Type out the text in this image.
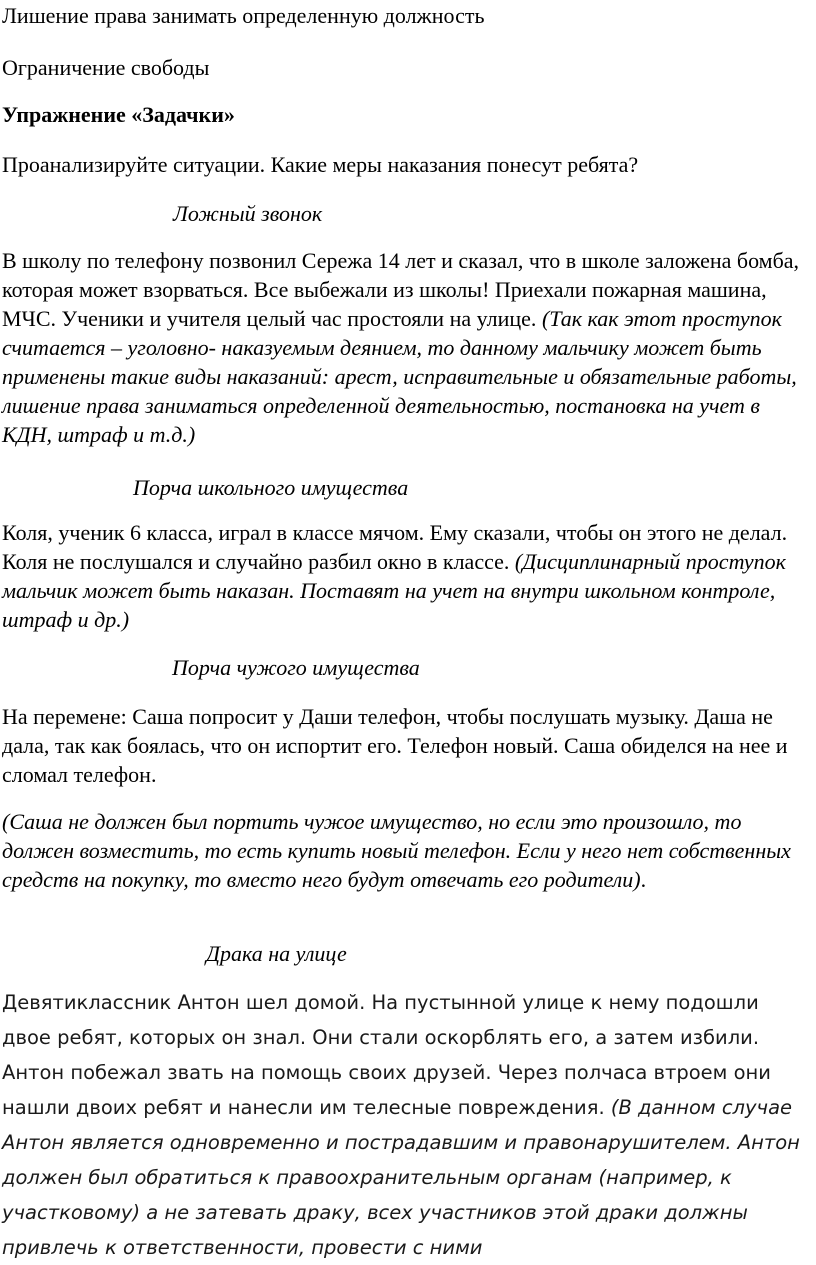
Лишение права занимать определенную должность
Ограничение свободы
Упражнение «Задачки»
Проанализируйте ситуации. Какие меры наказания понесут ребята?
Ложный звонок
В школу по телефону позвонил Сережа 14 лет и сказал, что в школе заложена бомба, которая может взорваться. Все выбежали из школы! Приехали пожарная машина, МЧС. Ученики и учителя целый час простояли на улице. (Так как этот проступок считается – уголовно- наказуемым деянием, то данному мальчику может быть применены такие виды наказаний: арест, исправительные и обязательные работы, лишение права заниматься определенной деятельностью, постановка на учет в КДН, штраф и т.д.)
Порча школьного имущества
Коля, ученик 6 класса, играл в классе мячом. Ему сказали, чтобы он этого не делал. Коля не послушался и случайно разбил окно в классе. (Дисциплинарный проступок мальчик может быть наказан. Поставят на учет на внутри школьном контроле, штраф и др.)
Порча чужого имущества
На перемене: Саша попросит у Даши телефон, чтобы послушать музыку. Даша не дала, так как боялась, что он испортит его. Телефон новый. Саша обиделся на нее и сломал телефон.
(Саша не должен был портить чужое имущество, но если это произошло, то должен возместить, то есть купить новый телефон. Если у него нет собственных средств на покупку, то вместо него будут отвечать его родители).
Драка на улице
Девятиклассник Антон шел домой. На пустынной улице к нему подошли двое ребят, которых он знал. Они стали оскорблять его, а затем избили. Антон побежал звать на помощь своих друзей. Через полчаса втроем они нашли двоих ребят и нанесли им телесные повреждения. (В данном случае Антон является одновременно и пострадавшим и правонарушителем. Антон должен был обратиться к правоохранительным органам (например, к участковому) а не затевать драку, всех участников этой драки должны привлечь к ответственности, провести с ними
